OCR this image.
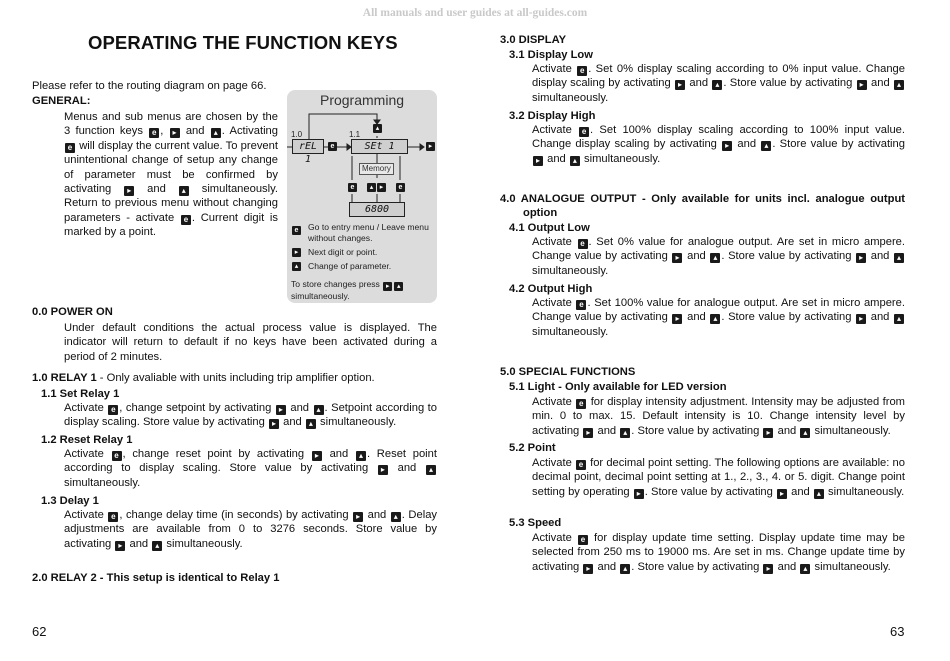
All manuals and user guides at all-guides.com
OPERATING THE FUNCTION KEYS
Please refer to the routing diagram on page 66.
GENERAL:
Menus and sub menus are chosen by the 3 function keys e , ▸ and ▴ . Activating e will display the current value. To prevent unintentional change of setup any change of parameter must be confirmed by activating ▸ and ▴ simultaneously. Return to previous menu without changing parameters - activate e . Current digit is marked by a point.
Programming
1.0	1.1
rEL 1
SEt 1
e	▸
▴
Memory
e	▴ ▸	e
6800
e Go to entry menu / Leave menu without changes.
▸	Next digit or point.
▴	Change of parameter.
To store changes press ▸ ▴
simultaneously.
0.0 POWER ON
Under default conditions the actual process value is displayed. The indicator will return to default if no keys have been activated during a period of 2 minutes.
1.0 RELAY 1 - Only avaliable with units including trip amplifier option.
1.1 Set Relay 1
Activate e , change setpoint by activating ▸ and ▴ . Setpoint according to display scaling. Store value by activating ▸ and ▴ simultaneously.
1.2 Reset Relay 1
Activate e , change reset point by activating ▸ and ▴ . Reset point according to display scaling. Store value by activating ▸ and ▴ simultaneously.
1.3 Delay 1
Activate e , change delay time (in seconds) by activating ▸ and ▴ . Delay adjustments are available from 0 to 3276 seconds. Store value by activating ▸ and ▴ simultaneously.
2.0 RELAY 2 - This setup is identical to Relay 1
62
3.0 DISPLAY
3.1 Display Low
Activate e . Set 0% display scaling according to 0% input value. Change display scaling by activating ▸ and ▴ . Store value by activating ▸ and ▴ simultaneously.
3.2 Display High
Activate e . Set 100% display scaling according to 100% input value. Change display scaling by activating ▸ and ▴ . Store value by activating ▸ and ▴ simultaneously.
4.0 ANALOGUE OUTPUT - Only available for units incl. analogue output option
4.1 Output Low
Activate e . Set 0% value for analogue output. Are set in micro ampere. Change value by activating ▸ and ▴ . Store value by activating ▸ and ▴ simultaneously.
4.2 Output High
Activate e . Set 100% value for analogue output. Are set in micro ampere. Change value by activating ▸ and ▴ . Store value by activating ▸ and ▴ simultaneously.
5.0 SPECIAL FUNCTIONS
5.1 Light - Only available for LED version
Activate e for display intensity adjustment. Intensity may be adjusted from min. 0 to max. 15. Default intensity is 10. Change intensity level by activating ▸ and ▴ . Store value by activating ▸ and ▴ simultaneously.
5.2 Point
Activate e for decimal point setting. The following options are available: no decimal point, decimal point setting at 1., 2., 3., 4. or 5. digit. Change point setting by operating ▸ . Store value by activating ▸ and ▴ simultaneously.
5.3 Speed
Activate e for display update time setting. Display update time may be selected from 250 ms to 19000 ms. Are set in ms. Change update time by activating ▸ and ▴ . Store value by activating ▸ and ▴ simultaneously.
63
